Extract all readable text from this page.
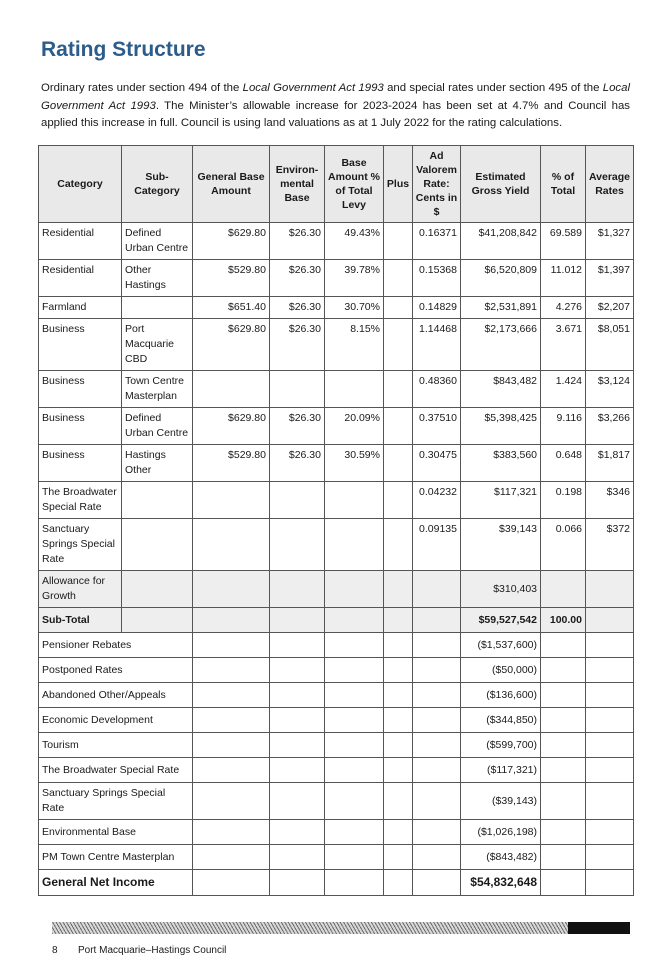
Rating Structure

Ordinary rates under section 494 of the Local Government Act 1993 and special rates under section 495 of the Local Government Act 1993. The Minister’s allowable increase for 2023-2024 has been set at 4.7% and Council has applied this increase in full. Council is using land valuations as at 1 July 2022 for the rating calculations.

Category	Sub-Category	General Base Amount	Environ-mental Base	Base Amount % of Total Levy	Plus	Ad Valorem Rate: Cents in $	Estimated Gross Yield	% of Total	Average Rates
Residential	Defined Urban Centre	$629.80	$26.30	49.43%		0.16371	$41,208,842	69.589	$1,327
Residential	Other Hastings	$529.80	$26.30	39.78%		0.15368	$6,520,809	11.012	$1,397
Farmland		$651.40	$26.30	30.70%		0.14829	$2,531,891	4.276	$2,207
Business	Port Macquarie CBD	$629.80	$26.30	8.15%		1.14468	$2,173,666	3.671	$8,051
Business	Town Centre Masterplan					0.48360	$843,482	1.424	$3,124
Business	Defined Urban Centre	$629.80	$26.30	20.09%		0.37510	$5,398,425	9.116	$3,266
Business	Hastings Other	$529.80	$26.30	30.59%		0.30475	$383,560	0.648	$1,817
The Broadwater Special Rate						0.04232	$117,321	0.198	$346
Sanctuary Springs Special Rate						0.09135	$39,143	0.066	$372
Allowance for Growth							$310,403		
Sub-Total							$59,527,542	100.00	
Pensioner Rebates							($1,537,600)		
Postponed Rates							($50,000)		
Abandoned Other/Appeals							($136,600)		
Economic Development							($344,850)		
Tourism							($599,700)		
The Broadwater Special Rate							($117,321)		
Sanctuary Springs Special Rate							($39,143)		
Environmental Base							($1,026,198)		
PM Town Centre Masterplan							($843,482)		
General Net Income							$54,832,648		
8 Port Macquarie–Hastings Council
